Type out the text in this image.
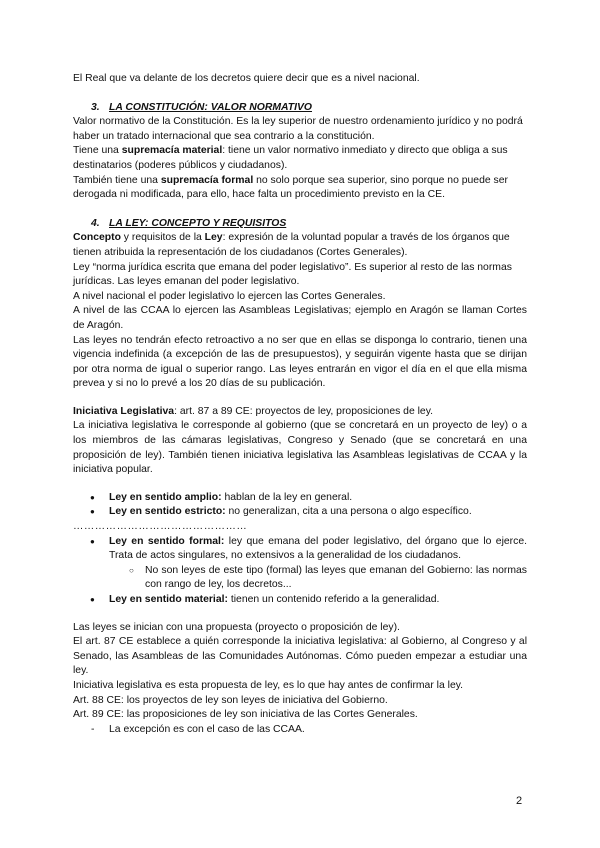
El Real que va delante de los decretos quiere decir que es a nivel nacional.

3. LA CONSTITUCIÓN: VALOR NORMATIVO

Valor normativo de la Constitución. Es la ley superior de nuestro ordenamiento jurídico y no podrá haber un tratado internacional que sea contrario a la constitución.

Tiene una supremacía material: tiene un valor normativo inmediato y directo que obliga a sus destinatarios (poderes públicos y ciudadanos).

También tiene una supremacía formal no solo porque sea superior, sino porque no puede ser derogada ni modificada, para ello, hace falta un procedimiento previsto en la CE.

4. LA LEY: CONCEPTO Y REQUISITOS

Concepto y requisitos de la Ley: expresión de la voluntad popular a través de los órganos que tienen atribuida la representación de los ciudadanos (Cortes Generales).

Ley “norma jurídica escrita que emana del poder legislativo”. Es superior al resto de las normas jurídicas. Las leyes emanan del poder legislativo.

A nivel nacional el poder legislativo lo ejercen las Cortes Generales.

A nivel de las CCAA lo ejercen las Asambleas Legislativas; ejemplo en Aragón se llaman Cortes de Aragón.

Las leyes no tendrán efecto retroactivo a no ser que en ellas se disponga lo contrario, tienen una vigencia indefinida (a excepción de las de presupuestos), y seguirán vigente hasta que se dirijan por otra norma de igual o superior rango. Las leyes entrarán en vigor el día en el que ella misma prevea y si no lo prevé a los 20 días de su publicación.

Iniciativa Legislativa: art. 87 a 89 CE: proyectos de ley, proposiciones de ley.

La iniciativa legislativa le corresponde al gobierno (que se concretará en un proyecto de ley) o a los miembros de las cámaras legislativas, Congreso y Senado (que se concretará en una proposición de ley). También tienen iniciativa legislativa las Asambleas legislativas de CCAA y la iniciativa popular.

● Ley en sentido amplio: hablan de la ley en general.
● Ley en sentido estricto: no generalizan, cita a una persona o algo específico.

…………………………………………

● Ley en sentido formal: ley que emana del poder legislativo, del órgano que lo ejerce. Trata de actos singulares, no extensivos a la generalidad de los ciudadanos.
○ No son leyes de este tipo (formal) las leyes que emanan del Gobierno: las normas con rango de ley, los decretos...
● Ley en sentido material: tienen un contenido referido a la generalidad.

Las leyes se inician con una propuesta (proyecto o proposición de ley).

El art. 87 CE establece a quién corresponde la iniciativa legislativa: al Gobierno, al Congreso y al Senado, las Asambleas de las Comunidades Autónomas. Cómo pueden empezar a estudiar una ley.

Iniciativa legislativa es esta propuesta de ley, es lo que hay antes de confirmar la ley.

Art. 88 CE: los proyectos de ley son leyes de iniciativa del Gobierno.

Art. 89 CE: las proposiciones de ley son iniciativa de las Cortes Generales.

- La excepción es con el caso de las CCAA.

2
